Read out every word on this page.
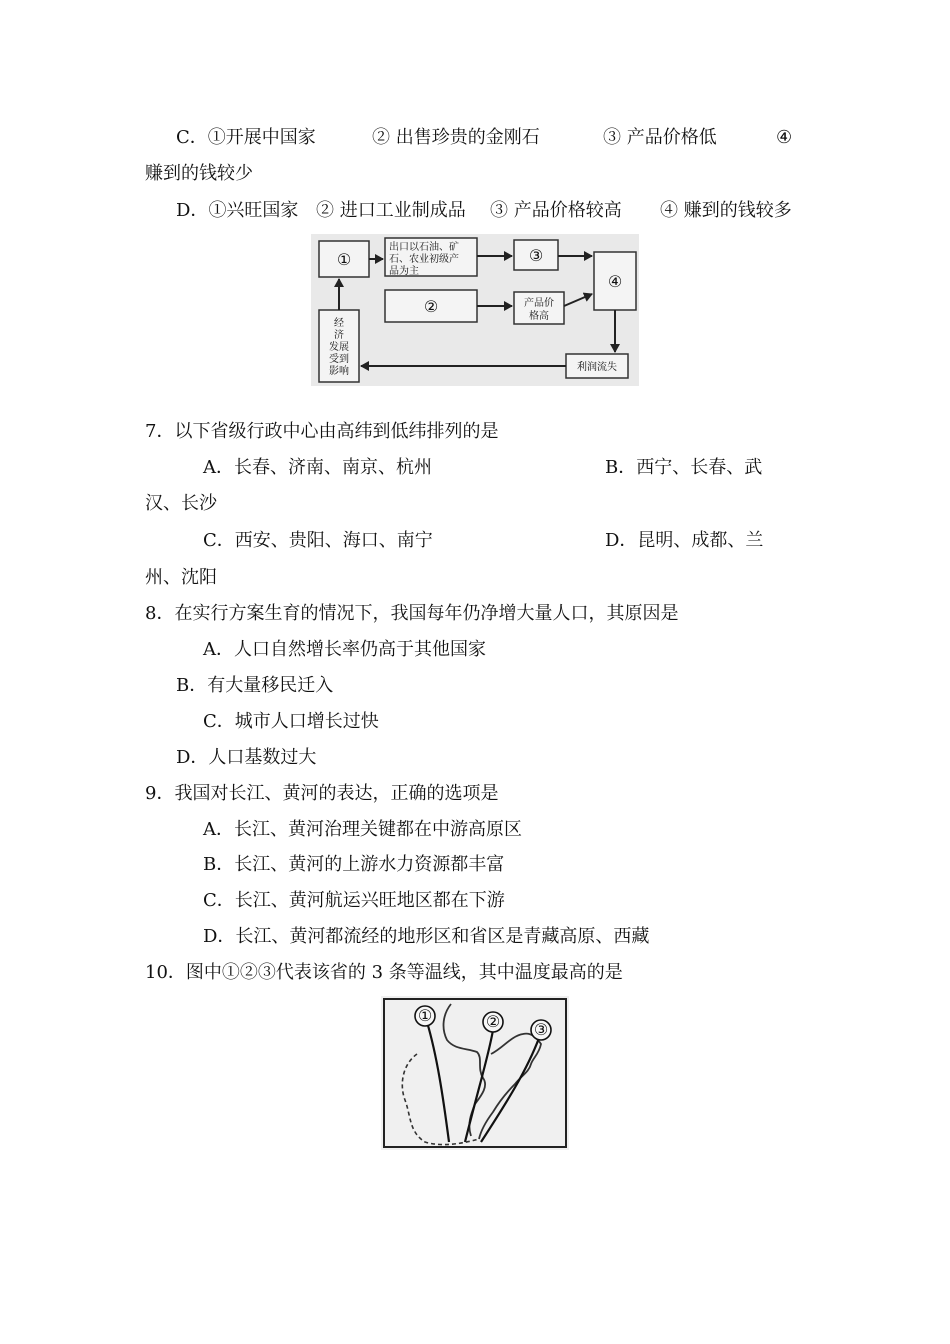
C．①开展中国家	② 出售珍贵的金刚石	③ 产品价格低	④
赚到的钱较少
D．①兴旺国家 ② 进口工业制成品 ③ 产品价格较高 ④ 赚到的钱较多
①
出口以石油、矿
石、农业初级产
品为主
③
④
②	产品价
格高
经
济
发展
受到
影响	利润流失
7．以下省级行政中心由高纬到低纬排列的是
A．长春、济南、南京、杭州	B．西宁、长春、武
汉、长沙
C．西安、贵阳、海口、南宁	D．昆明、成都、兰
州、沈阳
8．在实行方案生育的情况下，我国每年仍净增大量人口，其原因是
A．人口自然增长率仍高于其他国家
B．有大量移民迁入
C．城市人口增长过快
D．人口基数过大
9．我国对长江、黄河的表达，正确的选项是
A．长江、黄河治理关键都在中游高原区
B．长江、黄河的上游水力资源都丰富
C．长江、黄河航运兴旺地区都在下游
D．长江、黄河都流经的地形区和省区是青藏高原、西藏
10．图中①②③代表该省的 3 条等温线，其中温度最高的是
①	② ③
